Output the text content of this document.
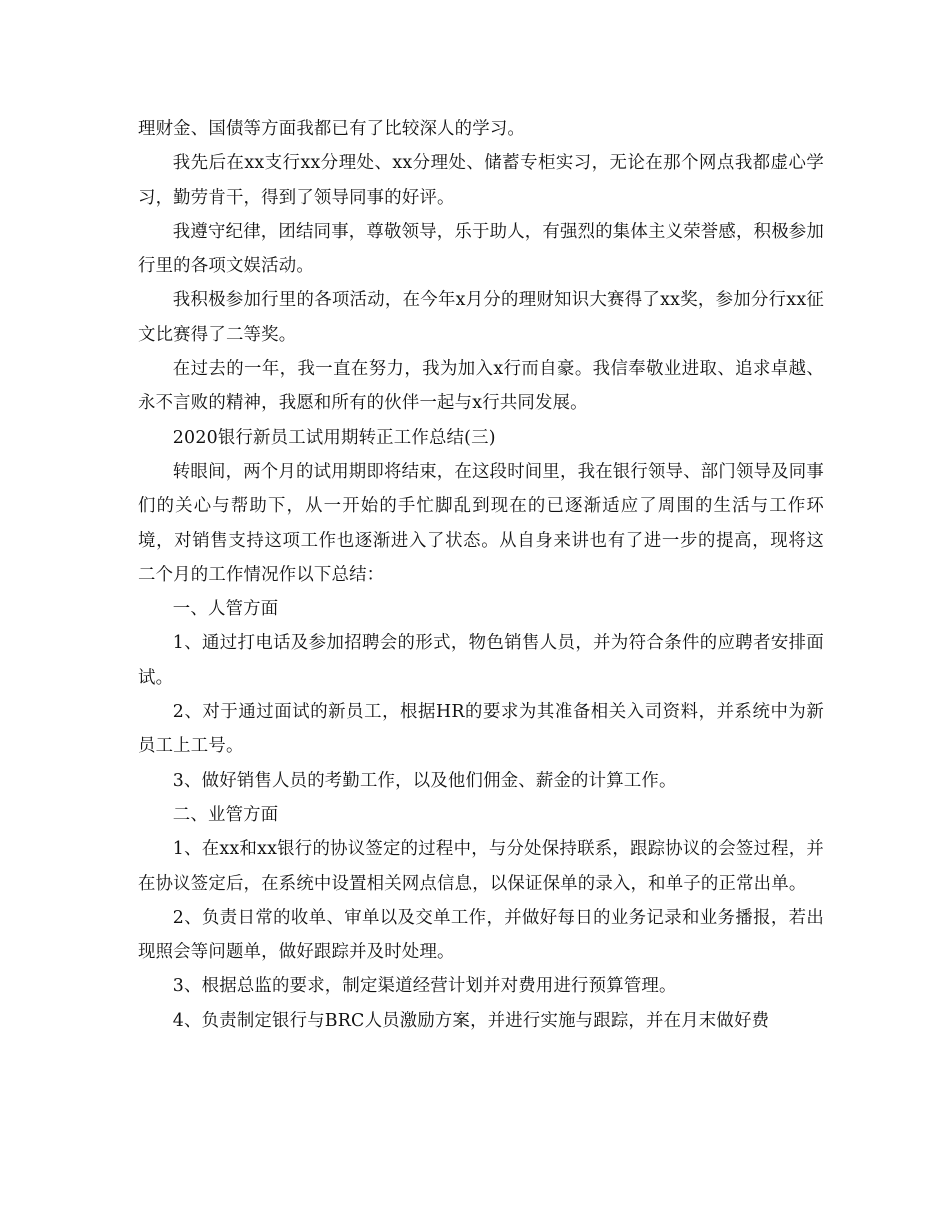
理财金、国债等方面我都已有了比较深人的学习。

我先后在xx支行xx分理处、xx分理处、储蓄专柜实习，无论在那个网点我都虚心学习，勤劳肯干，得到了领导同事的好评。

我遵守纪律，团结同事，尊敬领导，乐于助人，有强烈的集体主义荣誉感，积极参加行里的各项文娱活动。

我积极参加行里的各项活动，在今年x月分的理财知识大赛得了xx奖，参加分行xx征文比赛得了二等奖。

在过去的一年，我一直在努力，我为加入x行而自豪。我信奉敬业进取、追求卓越、永不言败的精神，我愿和所有的伙伴一起与x行共同发展。

2020银行新员工试用期转正工作总结(三)

转眼间，两个月的试用期即将结束，在这段时间里，我在银行领导、部门领导及同事们的关心与帮助下，从一开始的手忙脚乱到现在的已逐渐适应了周围的生活与工作环境，对销售支持这项工作也逐渐进入了状态。从自身来讲也有了进一步的提高，现将这二个月的工作情况作以下总结：

一、人管方面

1、通过打电话及参加招聘会的形式，物色销售人员，并为符合条件的应聘者安排面试。

2、对于通过面试的新员工，根据HR的要求为其准备相关入司资料，并系统中为新员工上工号。

3、做好销售人员的考勤工作，以及他们佣金、薪金的计算工作。

二、业管方面

1、在xx和xx银行的协议签定的过程中，与分处保持联系，跟踪协议的会签过程，并在协议签定后，在系统中设置相关网点信息，以保证保单的录入，和单子的正常出单。

2、负责日常的收单、审单以及交单工作，并做好每日的业务记录和业务播报，若出现照会等问题单，做好跟踪并及时处理。

3、根据总监的要求，制定渠道经营计划并对费用进行预算管理。

4、负责制定银行与BRC人员激励方案，并进行实施与跟踪，并在月末做好费
